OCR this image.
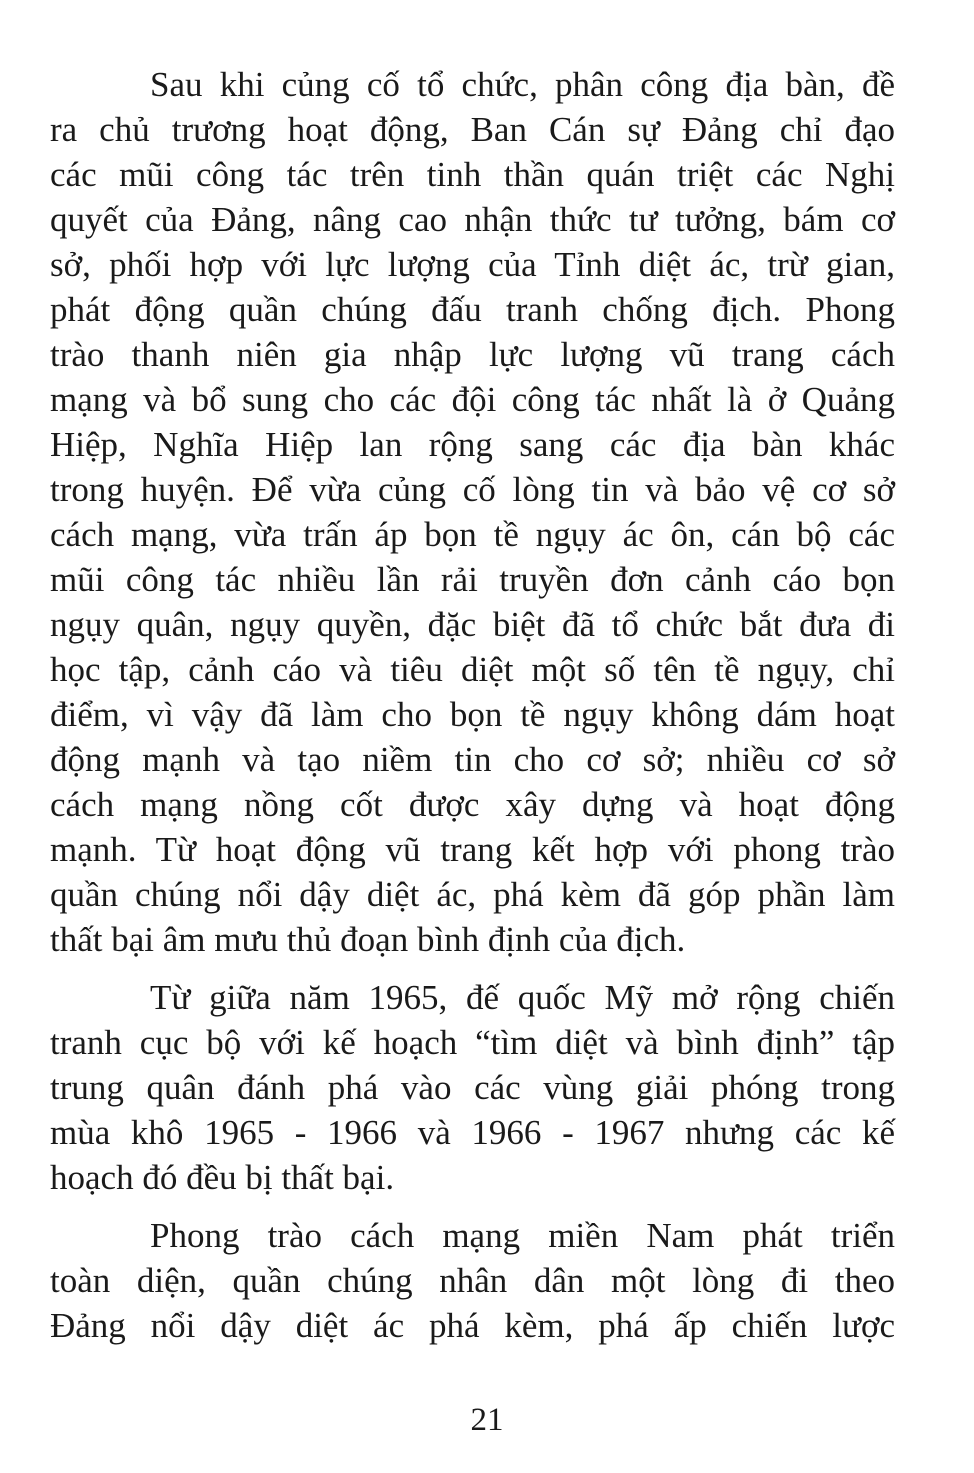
Sau khi củng cố tổ chức, phân công địa bàn, đề
ra chủ trương hoạt động, Ban Cán sự Đảng chỉ đạo
các mũi công tác trên tinh thần quán triệt các Nghị
quyết của Đảng, nâng cao nhận thức tư tưởng, bám cơ
sở, phối hợp với lực lượng của Tỉnh diệt ác, trừ gian,
phát động quần chúng đấu tranh chống địch. Phong
trào thanh niên gia nhập lực lượng vũ trang cách
mạng và bổ sung cho các đội công tác nhất là ở Quảng
Hiệp, Nghĩa Hiệp lan rộng sang các địa bàn khác
trong huyện. Để vừa củng cố lòng tin và bảo vệ cơ sở
cách mạng, vừa trấn áp bọn tề ngụy ác ôn, cán bộ các
mũi công tác nhiều lần rải truyền đơn cảnh cáo bọn
ngụy quân, ngụy quyền, đặc biệt đã tổ chức bắt đưa đi
học tập, cảnh cáo và tiêu diệt một số tên tề ngụy, chỉ
điểm, vì vậy đã làm cho bọn tề ngụy không dám hoạt
động mạnh và tạo niềm tin cho cơ sở; nhiều cơ sở
cách mạng nồng cốt được xây dựng và hoạt động
mạnh. Từ hoạt động vũ trang kết hợp với phong trào
quần chúng nổi dậy diệt ác, phá kèm đã góp phần làm
thất bại âm mưu thủ đoạn bình định của địch.
Từ giữa năm 1965, đế quốc Mỹ mở rộng chiến
tranh cục bộ với kế hoạch “tìm diệt và bình định” tập
trung quân đánh phá vào các vùng giải phóng trong
mùa khô 1965 - 1966 và 1966 - 1967 nhưng các kế
hoạch đó đều bị thất bại.
Phong trào cách mạng miền Nam phát triển
toàn diện, quần chúng nhân dân một lòng đi theo
Đảng nổi dậy diệt ác phá kèm, phá ấp chiến lược
21
